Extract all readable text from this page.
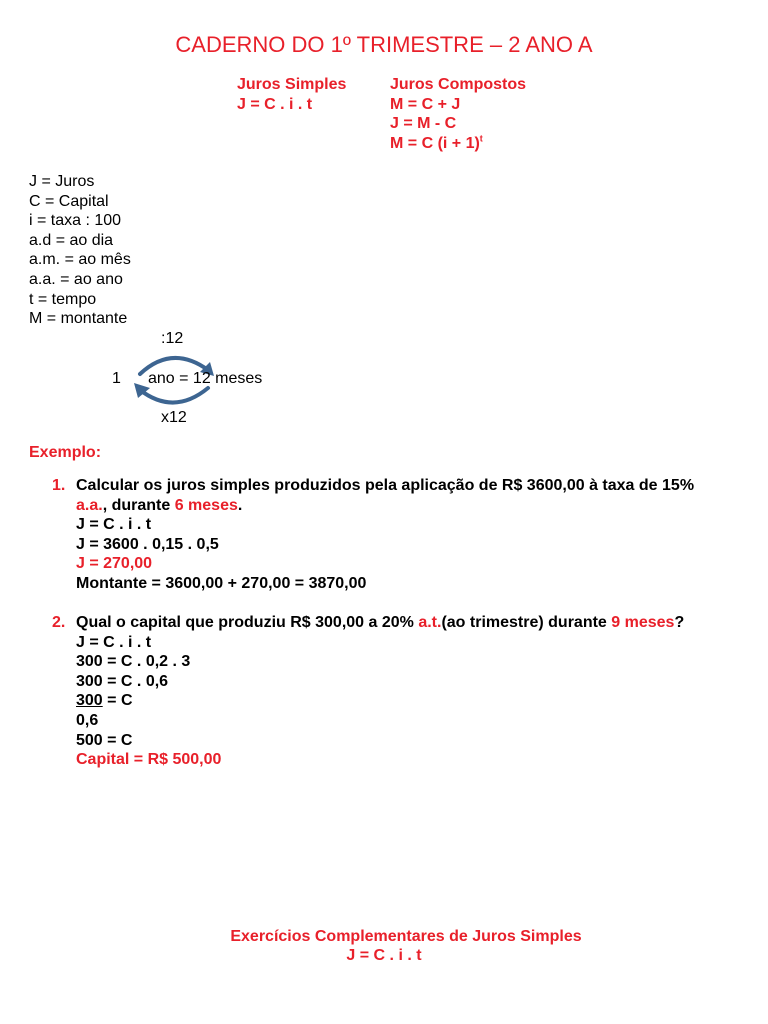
CADERNO DO 1º TRIMESTRE – 2 ANO A
Juros Simples
J = C . i . t
Juros Compostos
M = C + J
J = M - C
M = C $(i + 1)^t$
J = Juros
C = Capital
i = taxa : 100
a.d = ao dia
a.m. = ao mês
a.a. = ao ano
t = tempo
M = montante
:12
1 ano = 12 meses
x12
Exemplo:
1. Calcular os juros simples produzidos pela aplicação de R$ 3600,00 à taxa de 15%
a.a., durante 6 meses.
J = C . i . t
J = 3600 . 0,15 . 0,5
J = 270,00
Montante = 3600,00 + 270,00 = 3870,00
2. Qual o capital que produziu R$ 300,00 a 20% a.t.(ao trimestre) durante 9 meses?
J = C . i . t
300 = C . 0,2 . 3
300 = C . 0,6
300 = C
0,6
500 = C
Capital = R$ 500,00
Exercícios Complementares de Juros Simples
J = C . i . t
